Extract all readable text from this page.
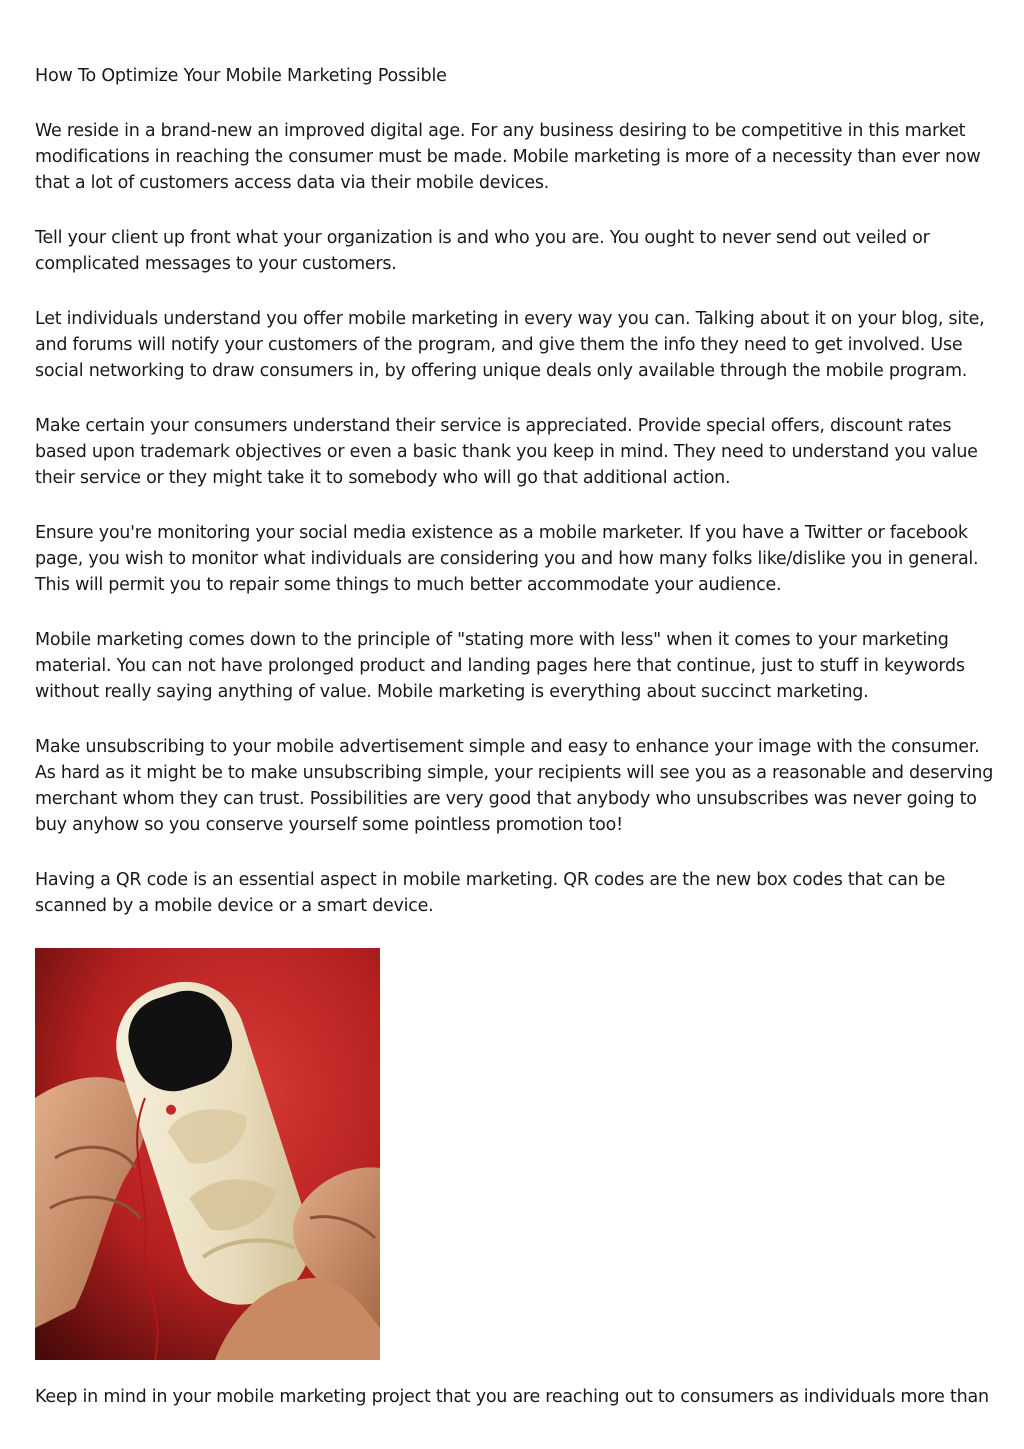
How To Optimize Your Mobile Marketing Possible

We reside in a brand-new an improved digital age. For any business desiring to be competitive in this market modifications in reaching the consumer must be made. Mobile marketing is more of a necessity than ever now that a lot of customers access data via their mobile devices.

Tell your client up front what your organization is and who you are. You ought to never send out veiled or complicated messages to your customers.

Let individuals understand you offer mobile marketing in every way you can. Talking about it on your blog, site, and forums will notify your customers of the program, and give them the info they need to get involved. Use social networking to draw consumers in, by offering unique deals only available through the mobile program.

Make certain your consumers understand their service is appreciated. Provide special offers, discount rates based upon trademark objectives or even a basic thank you keep in mind. They need to understand you value their service or they might take it to somebody who will go that additional action.

Ensure you're monitoring your social media existence as a mobile marketer. If you have a Twitter or facebook page, you wish to monitor what individuals are considering you and how many folks like/dislike you in general. This will permit you to repair some things to much better accommodate your audience.

Mobile marketing comes down to the principle of "stating more with less" when it comes to your marketing material. You can not have prolonged product and landing pages here that continue, just to stuff in keywords without really saying anything of value. Mobile marketing is everything about succinct marketing.

Make unsubscribing to your mobile advertisement simple and easy to enhance your image with the consumer. As hard as it might be to make unsubscribing simple, your recipients will see you as a reasonable and deserving merchant whom they can trust. Possibilities are very good that anybody who unsubscribes was never going to buy anyhow so you conserve yourself some pointless promotion too!

Having a QR code is an essential aspect in mobile marketing. QR codes are the new box codes that can be scanned by a mobile device or a smart device.

Keep in mind in your mobile marketing project that you are reaching out to consumers as individuals more than
